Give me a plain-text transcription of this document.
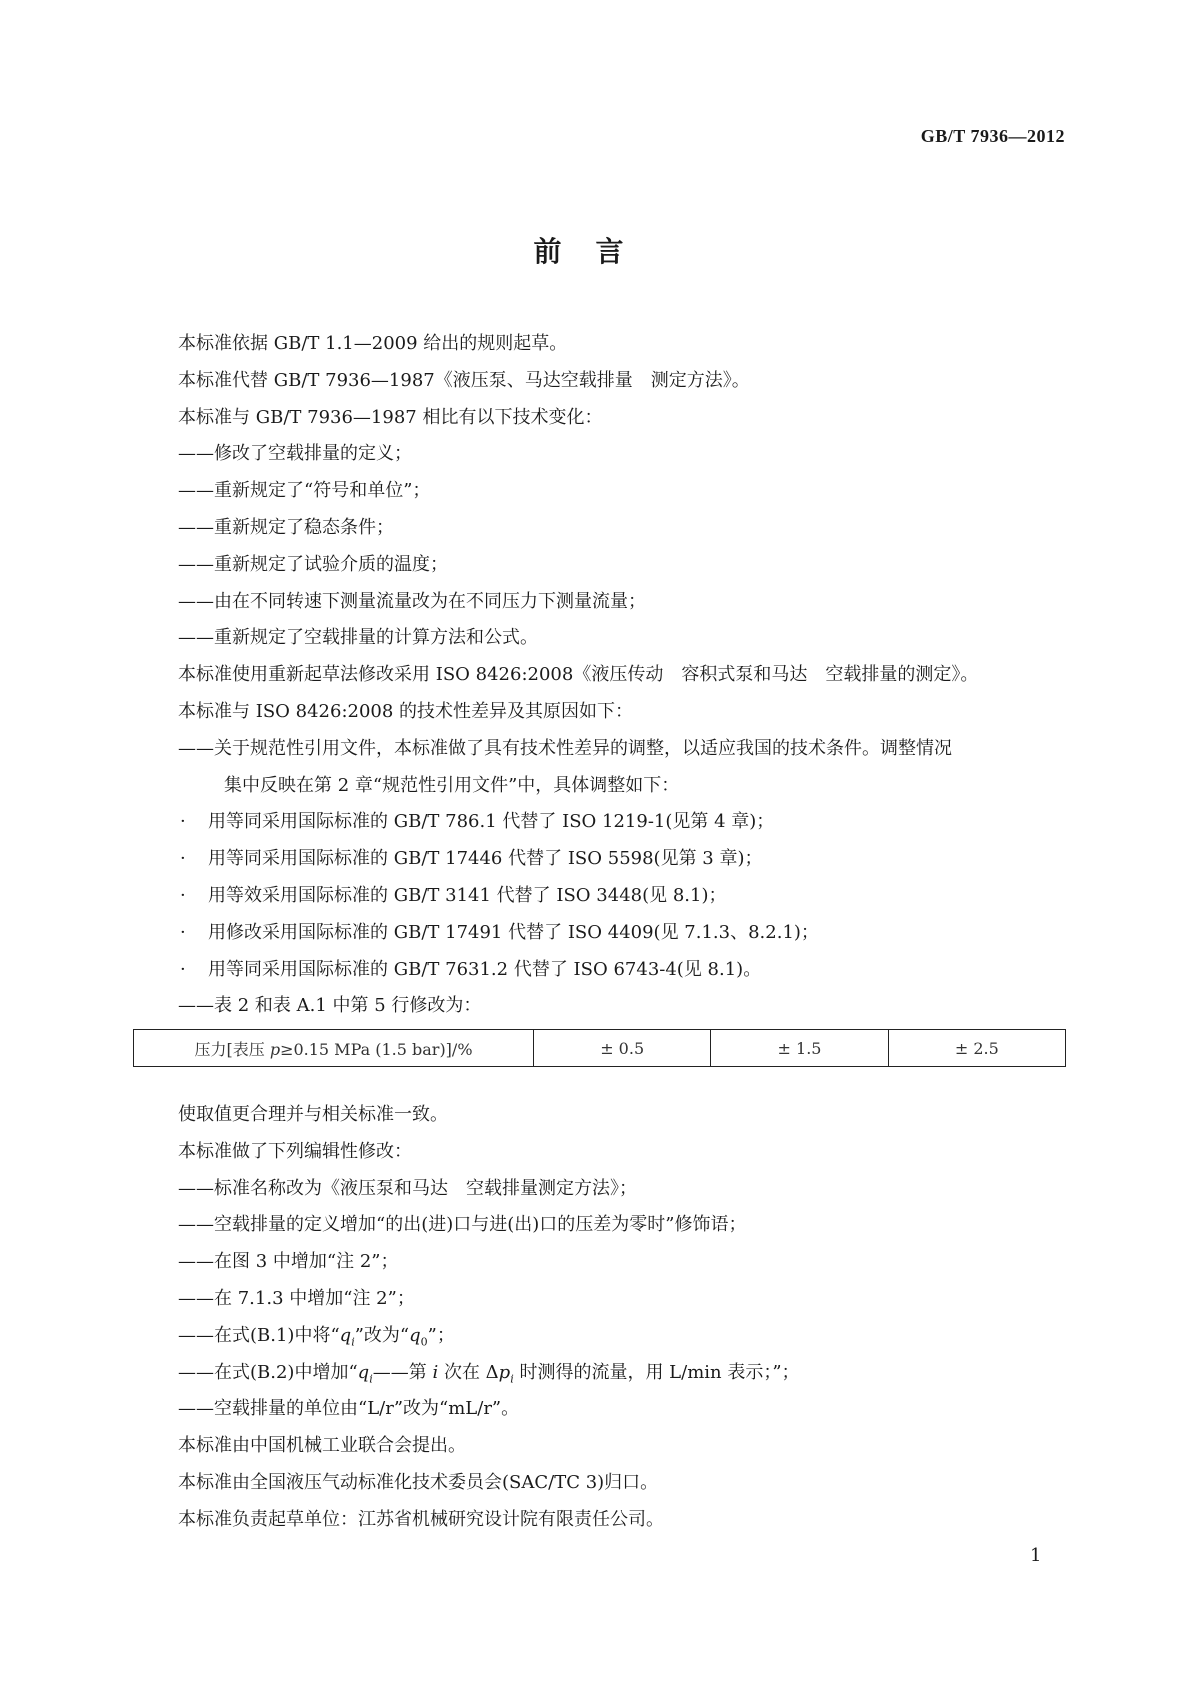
GB/T 7936—2012
前言
本标准依据 GB/T 1.1—2009 给出的规则起草。
本标准代替 GB/T 7936—1987《液压泵、马达空载排量　测定方法》。
本标准与 GB/T 7936—1987 相比有以下技术变化：
——修改了空载排量的定义；
——重新规定了“符号和单位”；
——重新规定了稳态条件；
——重新规定了试验介质的温度；
——由在不同转速下测量流量改为在不同压力下测量流量；
——重新规定了空载排量的计算方法和公式。
本标准使用重新起草法修改采用 ISO 8426:2008《液压传动　容积式泵和马达　空载排量的测定》。
本标准与 ISO 8426:2008 的技术性差异及其原因如下：
——关于规范性引用文件，本标准做了具有技术性差异的调整，以适应我国的技术条件。调整情况
集中反映在第 2 章“规范性引用文件”中，具体调整如下：
· 用等同采用国际标准的 GB/T 786.1 代替了 ISO 1219-1(见第 4 章)；
· 用等同采用国际标准的 GB/T 17446 代替了 ISO 5598(见第 3 章)；
· 用等效采用国际标准的 GB/T 3141 代替了 ISO 3448(见 8.1)；
· 用修改采用国际标准的 GB/T 17491 代替了 ISO 4409(见 7.1.3、8.2.1)；
· 用等同采用国际标准的 GB/T 7631.2 代替了 ISO 6743-4(见 8.1)。
——表 2 和表 A.1 中第 5 行修改为：
压力[表压 p≥0.15 MPa (1.5 bar)]/%	± 0.5	± 1.5	± 2.5
使取值更合理并与相关标准一致。
本标准做了下列编辑性修改：
——标准名称改为《液压泵和马达　空载排量测定方法》；
——空载排量的定义增加“的出(进)口与进(出)口的压差为零时”修饰语；
——在图 3 中增加“注 2”；
——在 7.1.3 中增加“注 2”；
——在式(B.1)中将“$q_i$”改为“$q_0$”；
——在式(B.2)中增加“$q_i——$第 i 次在 $\Delta p_i$ 时测得的流量，用 L/min 表示；”；
——空载排量的单位由“L/r”改为“mL/r”。
本标准由中国机械工业联合会提出。
本标准由全国液压气动标准化技术委员会(SAC/TC 3)归口。
本标准负责起草单位：江苏省机械研究设计院有限责任公司。
1
